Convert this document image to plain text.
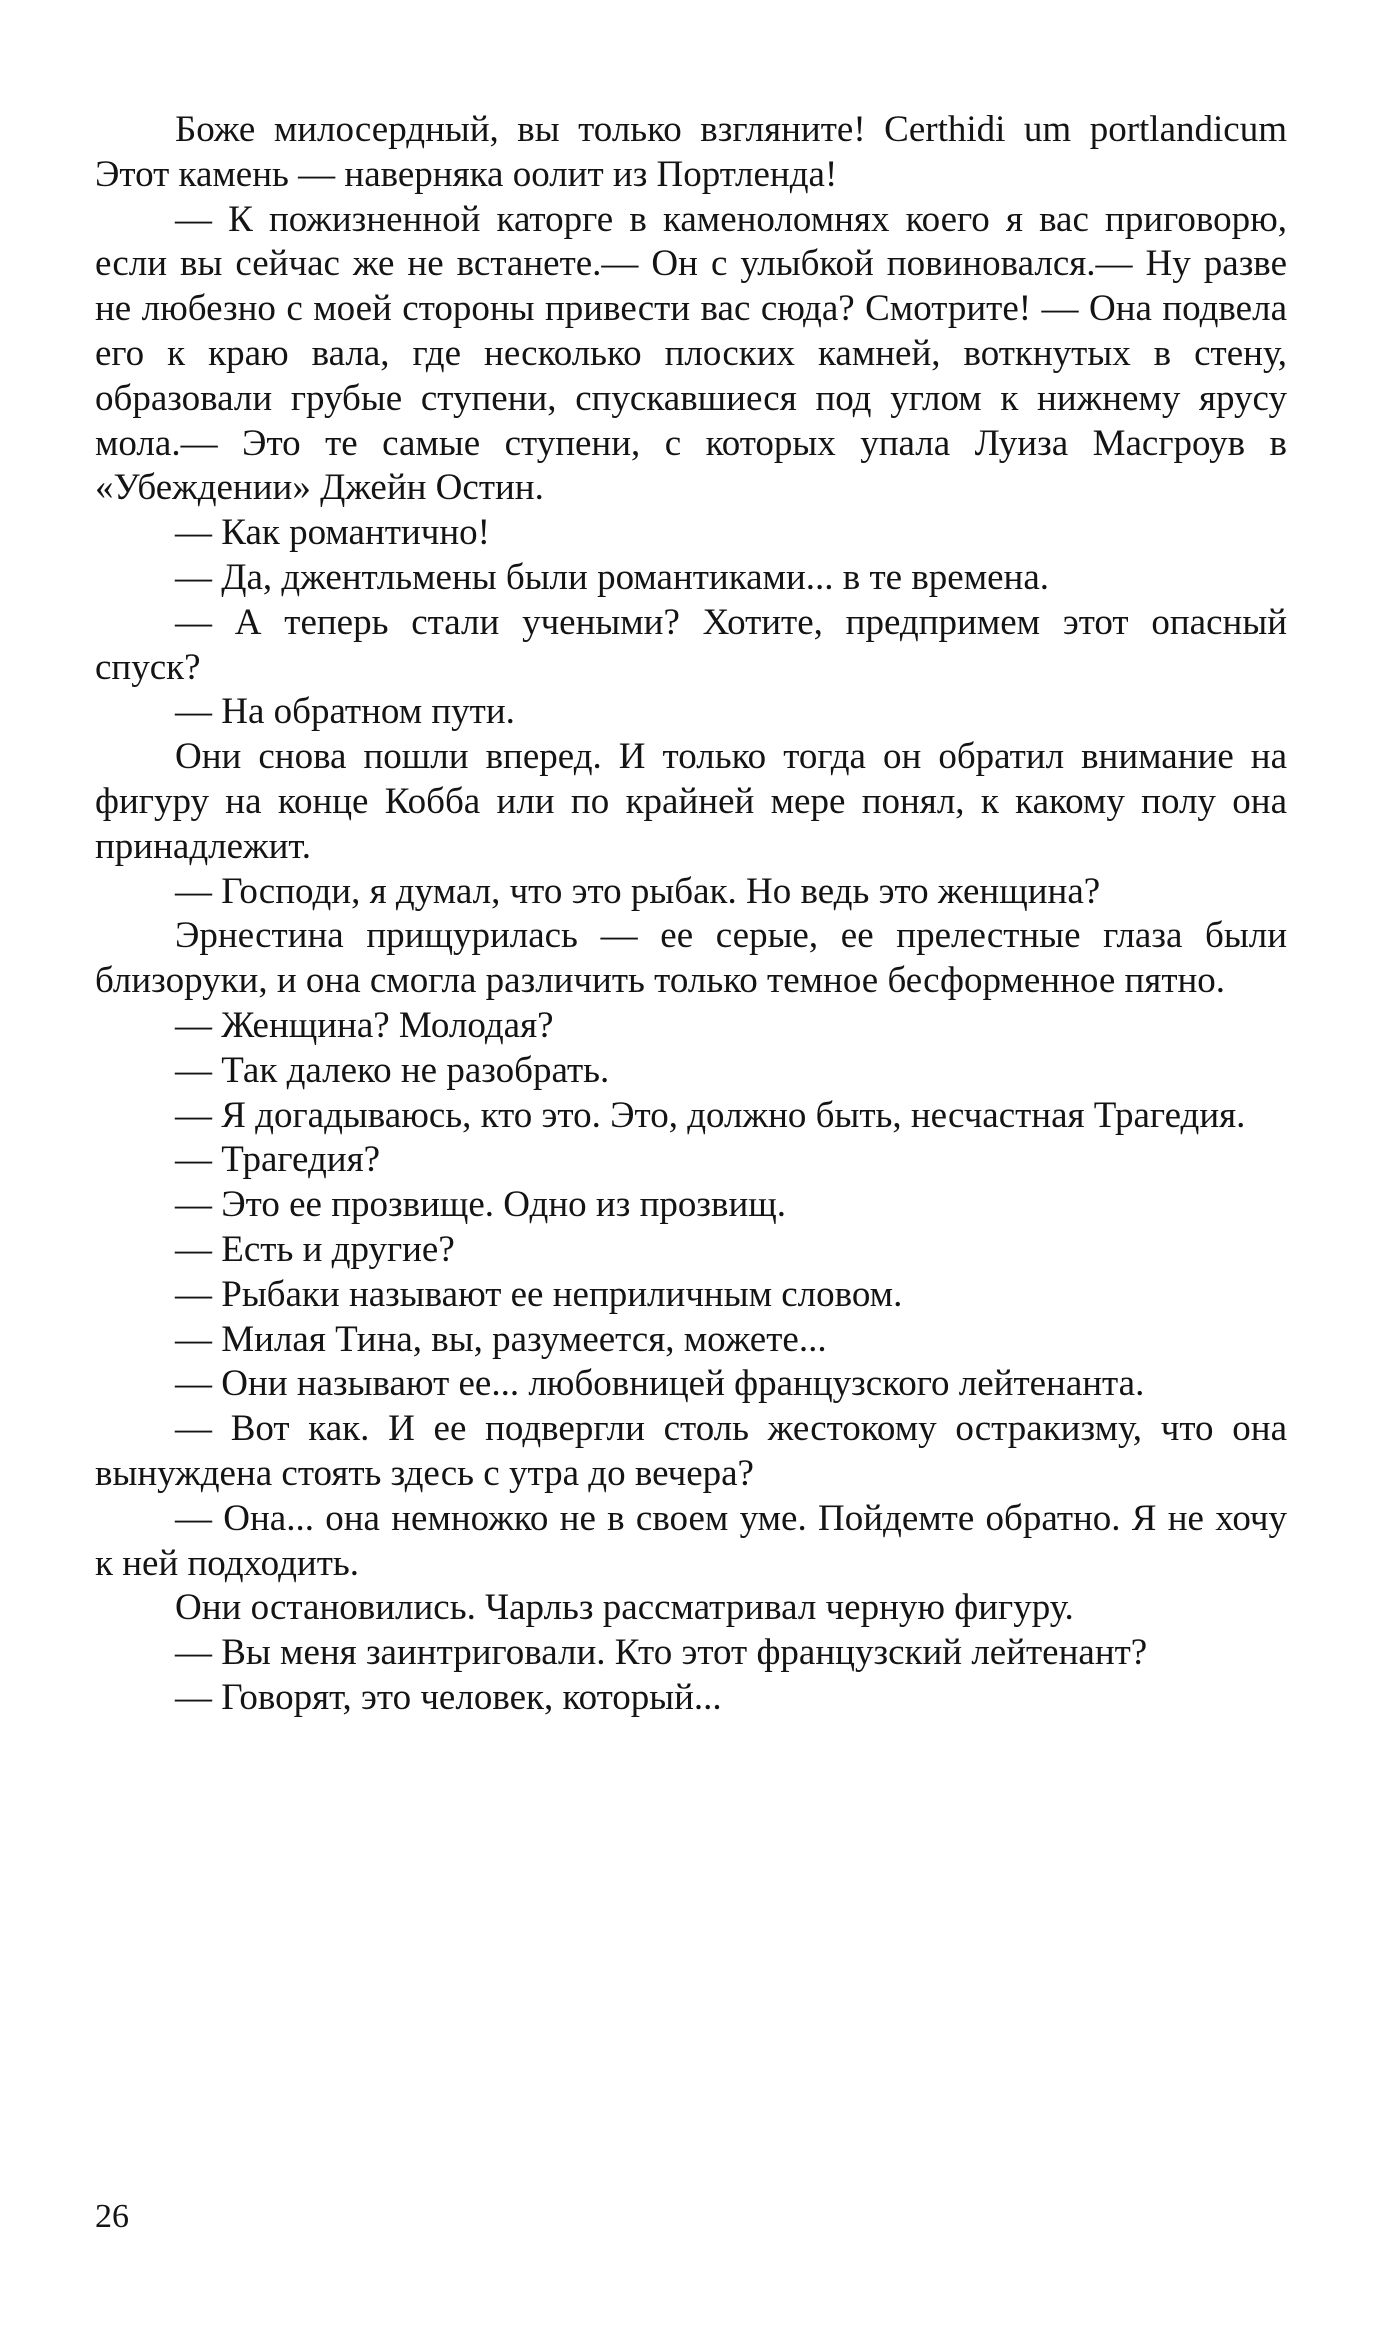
Боже милосердный, вы только взгляните! Certhidi um portlandicum Этот камень — наверняка оолит из Портленда!

— К пожизненной каторге в каменоломнях коего я вас приговорю, если вы сейчас же не встанете.— Он с улыбкой повиновался.— Ну разве не любезно с моей стороны привести вас сюда? Смотрите! — Она подвела его к краю вала, где несколько плоских камней, воткнутых в стену, образовали грубые ступени, спускавшиеся под углом к нижнему ярусу мола.— Это те самые ступени, с которых упала Луиза Масгроув в «Убеждении» Джейн Остин.

— Как романтично!

— Да, джентльмены были романтиками... в те времена.

— А теперь стали учеными? Хотите, предпримем этот опасный спуск?

— На обратном пути.

Они снова пошли вперед. И только тогда он обратил внимание на фигуру на конце Кобба или по крайней мере понял, к какому полу она принадлежит.

— Господи, я думал, что это рыбак. Но ведь это женщина?

Эрнестина прищурилась — ее серые, ее прелестные глаза были близоруки, и она смогла различить только темное бесформенное пятно.

— Женщина? Молодая?

— Так далеко не разобрать.

— Я догадываюсь, кто это. Это, должно быть, несчастная Трагедия.

— Трагедия?

— Это ее прозвище. Одно из прозвищ.

— Есть и другие?

— Рыбаки называют ее неприличным словом.

— Милая Тина, вы, разумеется, можете...

— Они называют ее... любовницей французского лейтенанта.

— Вот как. И ее подвергли столь жестокому остракизму, что она вынуждена стоять здесь с утра до вечера?

— Она... она немножко не в своем уме. Пойдемте обратно. Я не хочу к ней подходить.

Они остановились. Чарльз рассматривал черную фигуру.

— Вы меня заинтриговали. Кто этот французский лейтенант?

— Говорят, это человек, который...

26
